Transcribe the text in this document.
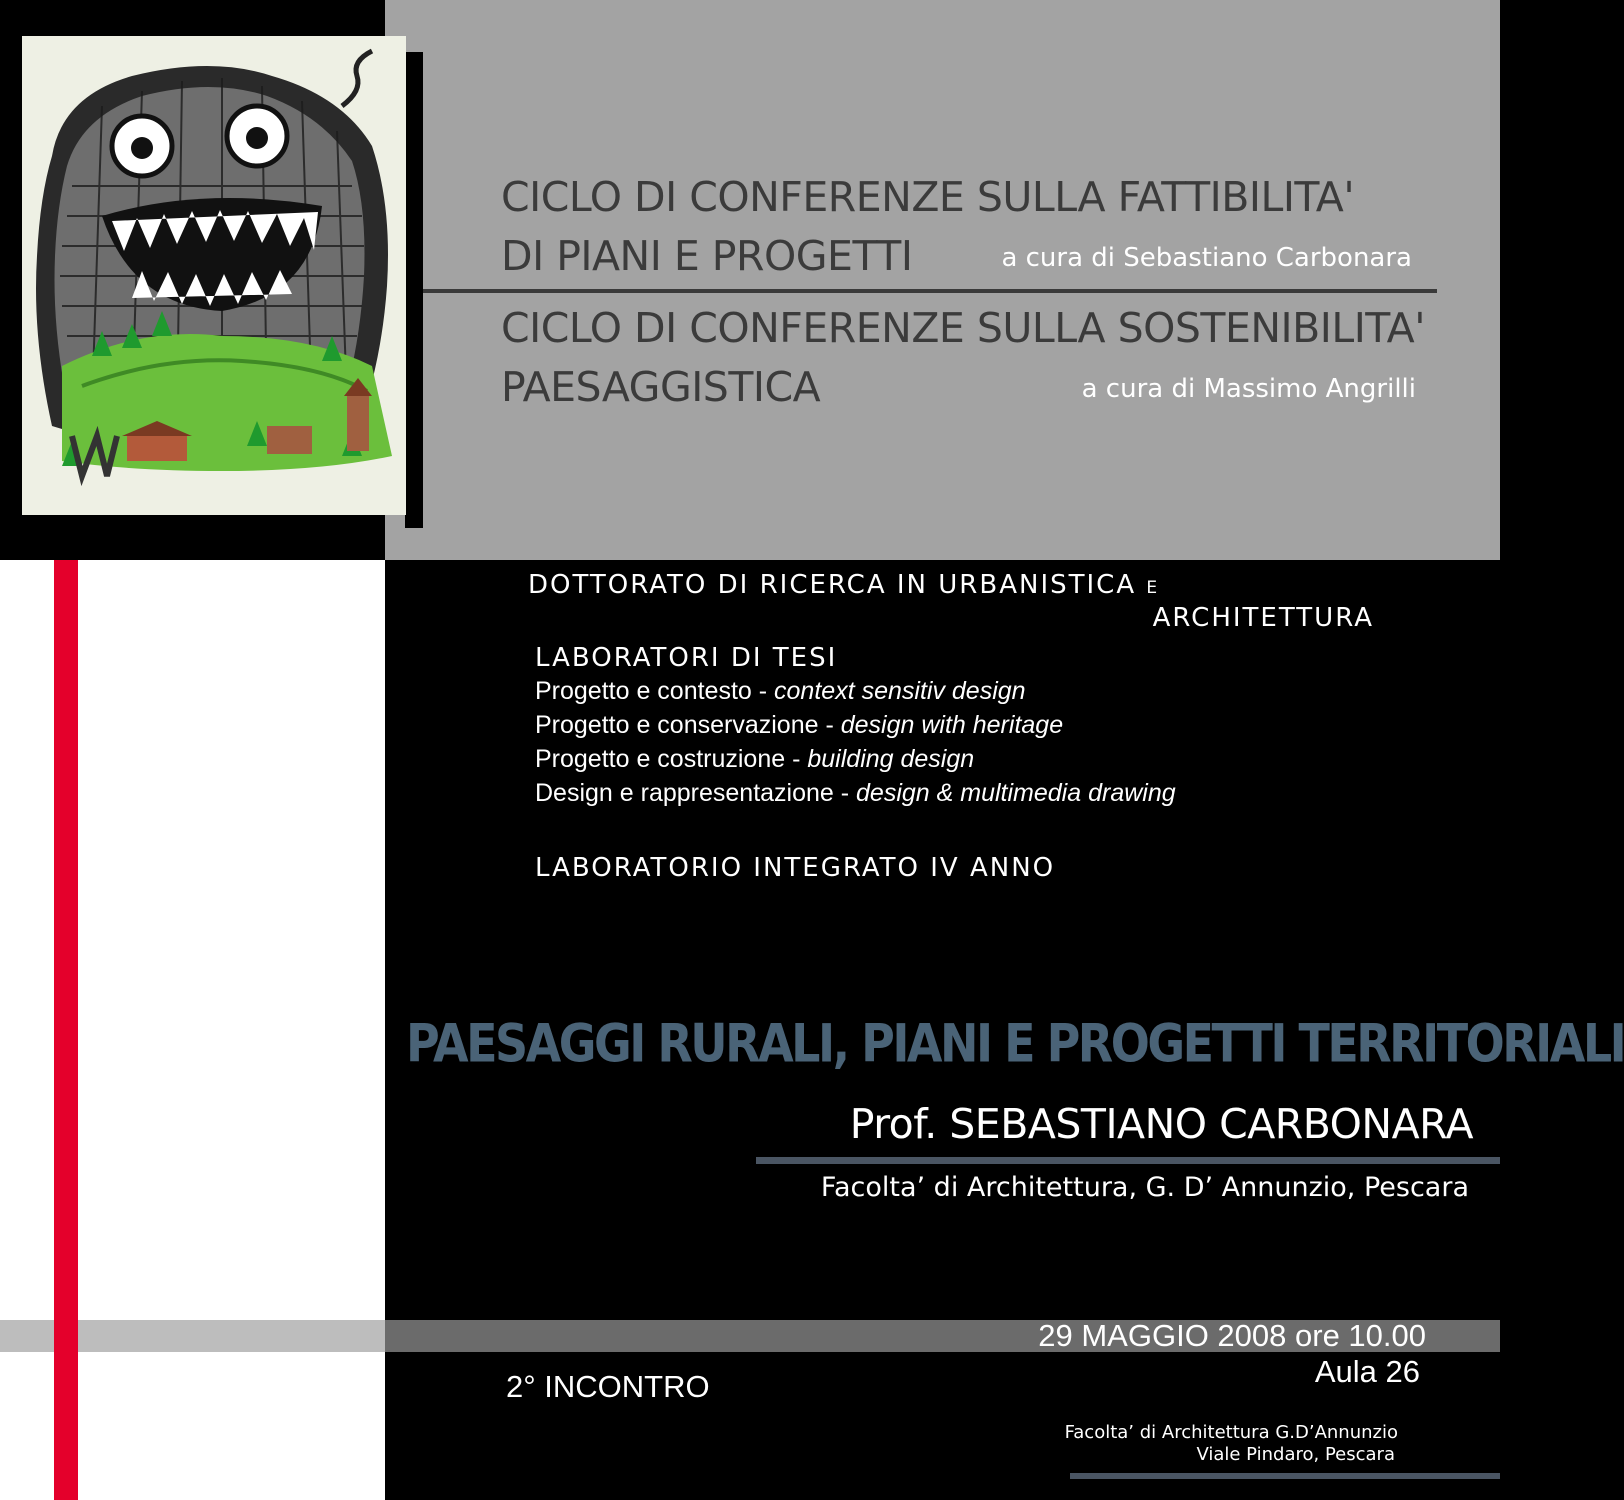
CICLO DI CONFERENZE SULLA FATTIBILITA'
DI PIANI E PROGETTI	a cura di Sebastiano Carbonara
CICLO DI CONFERENZE SULLA SOSTENIBILITA'
PAESAGGISTICA	a cura di Massimo Angrilli
DOTTORATO DI RICERCA IN URBANISTICA E
ARCHITETTURA
LABORATORI DI TESI
Progetto e contesto - context sensitiv design
Progetto e conservazione - design with heritage
Progetto e costruzione - building design
Design e rappresentazione - design & multimedia drawing
LABORATORIO INTEGRATO IV ANNO
PAESAGGI RURALI, PIANI E PROGETTI TERRITORIALI
Prof. SEBASTIANO CARBONARA
Facolta’ di Architettura, G. D’ Annunzio, Pescara
29 MAGGIO 2008 ore 10.00
Aula 26
2° INCONTRO
Facolta’ di Architettura G.D’Annunzio
Viale Pindaro, Pescara
